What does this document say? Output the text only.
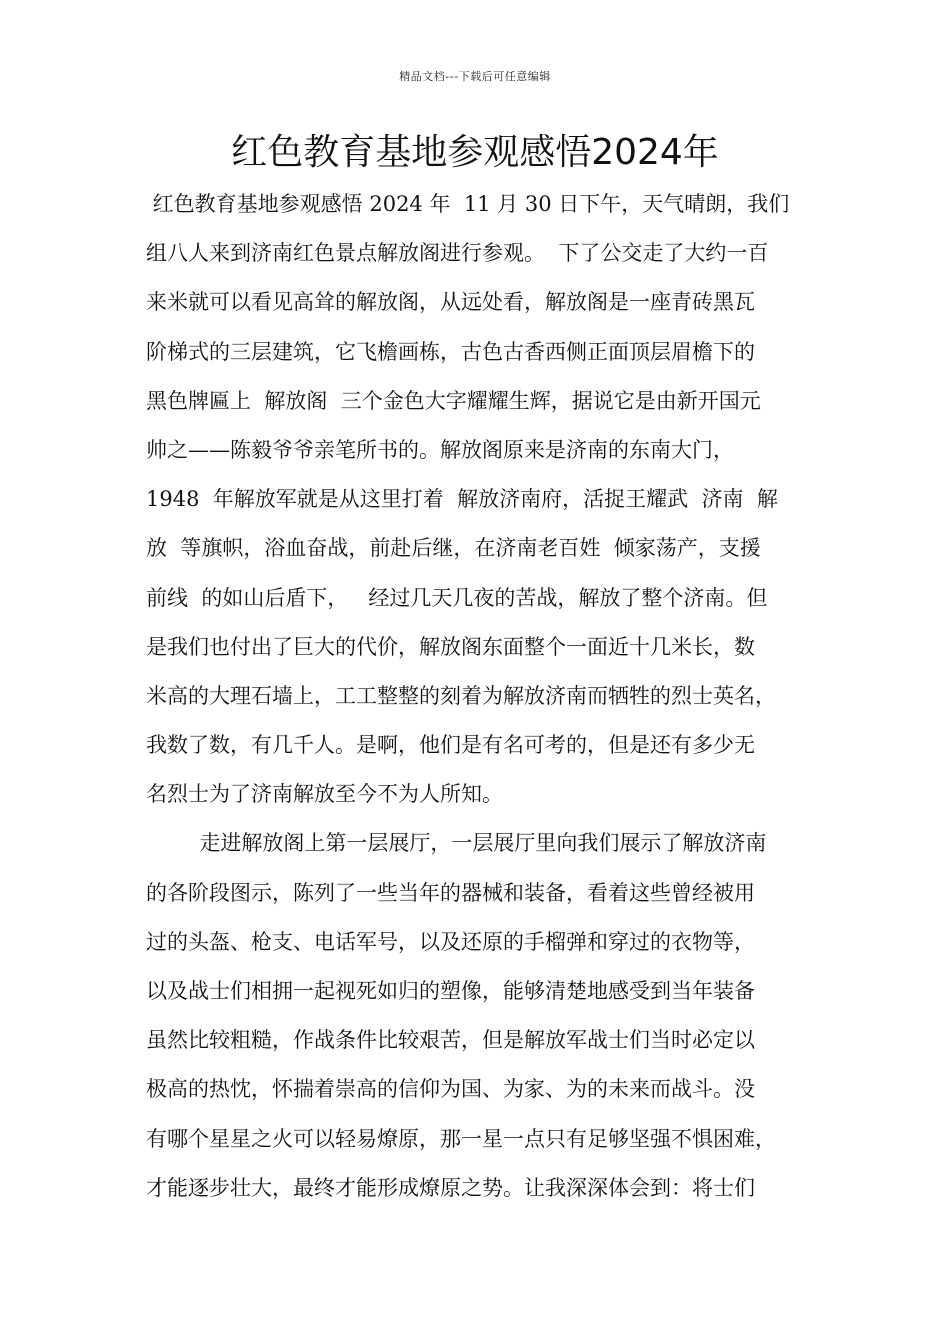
精品文档---下载后可任意编辑
红色教育基地参观感悟2024年
红色教育基地参观感悟 2024 年  11 月 30 日下午，天气晴朗，我们
组八人来到济南红色景点解放阁进行参观。  下了公交走了大约一百
来米就可以看见高耸的解放阁，从远处看，解放阁是一座青砖黑瓦
阶梯式的三层建筑，它飞檐画栋，古色古香西侧正面顶层眉檐下的
黑色牌匾上  解放阁  三个金色大字耀耀生辉，据说它是由新开国元
帅之——陈毅爷爷亲笔所书的。解放阁原来是济南的东南大门，
1948  年解放军就是从这里打着  解放济南府，活捉王耀武  济南  解
放  等旗帜，浴血奋战，前赴后继，在济南老百姓  倾家荡产，支援
前线  的如山后盾下，   经过几天几夜的苦战，解放了整个济南。但
是我们也付出了巨大的代价，解放阁东面整个一面近十几米长，数
米高的大理石墙上，工工整整的刻着为解放济南而牺牲的烈士英名，
我数了数，有几千人。是啊，他们是有名可考的，但是还有多少无
名烈士为了济南解放至今不为人所知。
走进解放阁上第一层展厅，一层展厅里向我们展示了解放济南
的各阶段图示，陈列了一些当年的器械和装备，看着这些曾经被用
过的头盔、枪支、电话军号，以及还原的手榴弹和穿过的衣物等，
以及战士们相拥一起视死如归的塑像，能够清楚地感受到当年装备
虽然比较粗糙，作战条件比较艰苦，但是解放军战士们当时必定以
极高的热忱，怀揣着崇高的信仰为国、为家、为的未来而战斗。没
有哪个星星之火可以轻易燎原，那一星一点只有足够坚强不惧困难，
才能逐步壮大，最终才能形成燎原之势。让我深深体会到：将士们
